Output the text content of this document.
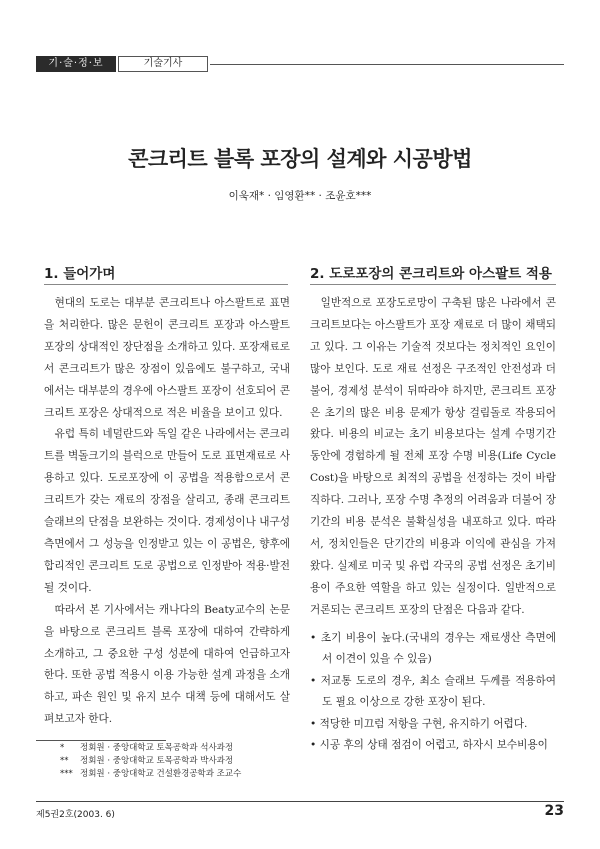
기·술·정·보	기술기사
콘크리트 블록 포장의 설계와 시공방법
이욱재* · 임영환** · 조윤호***
1. 들어가며

현대의 도로는 대부분 콘크리트나 아스팔트로 표면을 처리한다. 많은 문헌이 콘크리트 포장과 아스팔트 포장의 상대적인 장단점을 소개하고 있다. 포장재료로서 콘크리트가 많은 장점이 있음에도 불구하고, 국내에서는 대부분의 경우에 아스팔트 포장이 선호되어 콘크리트 포장은 상대적으로 적은 비율을 보이고 있다.

유럽 특히 네덜란드와 독일 같은 나라에서는 콘크리트를 벽돌크기의 블럭으로 만들어 도로 표면재료로 사용하고 있다. 도로포장에 이 공법을 적용함으로서 콘크리트가 갖는 재료의 장점을 살리고, 종래 콘크리트 슬래브의 단점을 보완하는 것이다. 경제성이나 내구성 측면에서 그 성능을 인정받고 있는 이 공법은, 향후에 합리적인 콘크리트 도로 공법으로 인정받아 적용·발전될 것이다.

따라서 본 기사에서는 캐나다의 Beaty교수의 논문을 바탕으로 콘크리트 블록 포장에 대하여 간략하게 소개하고, 그 중요한 구성 성분에 대하여 언급하고자 한다. 또한 공법 적용시 이용 가능한 설계 과정을 소개하고, 파손 원인 및 유지 보수 대책 등에 대해서도 살펴보고자 한다.

2. 도로포장의 콘크리트와 아스팔트 적용

일반적으로 포장도로망이 구축된 많은 나라에서 콘크리트보다는 아스팔트가 포장 재료로 더 많이 채택되고 있다. 그 이유는 기술적 것보다는 정치적인 요인이 많아 보인다. 도로 재료 선정은 구조적인 안전성과 더불어, 경제성 분석이 뒤따라야 하지만, 콘크리트 포장은 초기의 많은 비용 문제가 항상 걸림돌로 작용되어 왔다. 비용의 비교는 초기 비용보다는 설계 수명기간동안에 경험하게 될 전체 포장 수명 비용(Life Cycle Cost)을 바탕으로 최적의 공법을 선정하는 것이 바람직하다. 그러나, 포장 수명 추정의 어려움과 더불어 장기간의 비용 분석은 불확실성을 내포하고 있다. 따라서, 정치인들은 단기간의 비용과 이익에 관심을 가져왔다. 실제로 미국 및 유럽 각국의 공법 선정은 초기비용이 주요한 역할을 하고 있는 실정이다. 일반적으로 거론되는 콘크리트 포장의 단점은 다음과 같다.

• 초기 비용이 높다.(국내의 경우는 재료생산 측면에서 이견이 있을 수 있음)

• 저교통 도로의 경우, 최소 슬래브 두께를 적용하여도 필요 이상으로 강한 포장이 된다.

• 적당한 미끄럼 저항을 구현, 유지하기 어렵다.

• 시공 후의 상태 점검이 어렵고, 하자시 보수비용이

* 정회원 · 중앙대학교 토목공학과 석사과정
** 정회원 · 중앙대학교 토목공학과 박사과정
*** 정회원 · 중앙대학교 건설환경공학과 조교수
제5권2호(2003. 6)	23
